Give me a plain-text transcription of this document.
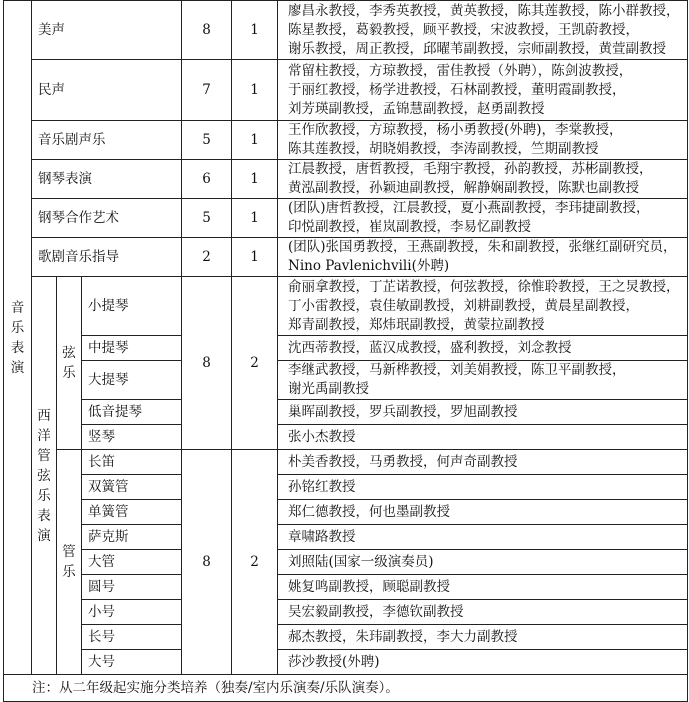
音乐表演	美声			8	1	廖昌永教授，李秀英教授，黄英教授，陈其莲教授，陈小群教授，
陈星教授，葛毅教授，顾平教授，宋波教授，王凯蔚教授，
谢乐教授，周正教授，邱曜苇副教授，宗师副教授，黄萱副教授

	民声			7	1	常留柱教授，方琼教授，雷佳教授（外聘），陈剑波教授，
于丽红教授，杨学进教授，石林副教授，董明霞副教授，
刘芳瑛副教授，孟锦慧副教授，赵勇副教授

	音乐剧声乐			5	1	王作欣教授，方琼教授，杨小勇教授(外聘)，李棠教授，
陈其莲教授，胡晓娟教授，李涛副教授，竺期副教授

	钢琴表演			6	1	江晨教授，唐哲教授，毛翔宇教授，孙韵教授，苏彬副教授，
黄泓副教授，孙颖迪副教授，解静娴副教授，陈默也副教授

	钢琴合作艺术			5	1	(团队)唐哲教授，江晨教授，夏小燕副教授，李玮捷副教授，
印悦副教授，崔岚副教授，李易忆副教授

	歌剧音乐指导			2	1	(团队)张国勇教授，王燕副教授，朱和副教授，张继红副研究员，
Nino Pavlenichvili(外聘)

	西洋管弦乐表演	弦乐	小提琴	8	2	俞丽拿教授，丁芷诺教授，何弦教授，徐惟聆教授，王之炅教授，
丁小雷教授，袁佳敏副教授，刘耕副教授，黄晨星副教授，
郑青副教授，郑炜珉副教授，黄蒙拉副教授

			中提琴			沈西蒂教授，蓝汉成教授，盛利教授，刘念教授

			大提琴			李继武教授，马新桦教授，刘美娟教授，陈卫平副教授，
谢光禹副教授

			低音提琴			巢晖副教授，罗兵副教授，罗旭副教授

			竖琴			张小杰教授

		管乐	长笛	8	2	朴美香教授，马勇教授，何声奇副教授

			双簧管			孙铭红教授

			单簧管			郑仁德教授，何也墨副教授

			萨克斯			章啸路教授

			大管			刘照陆(国家一级演奏员)

			圆号			姚复鸣副教授，顾聪副教授

			小号			吴宏毅副教授，李德钦副教授

			长号			郝杰教授，朱玮副教授，李大力副教授

			大号			莎沙教授(外聘)

注：从二年级起实施分类培养（独奏/室内乐演奏/乐队演奏）。						
